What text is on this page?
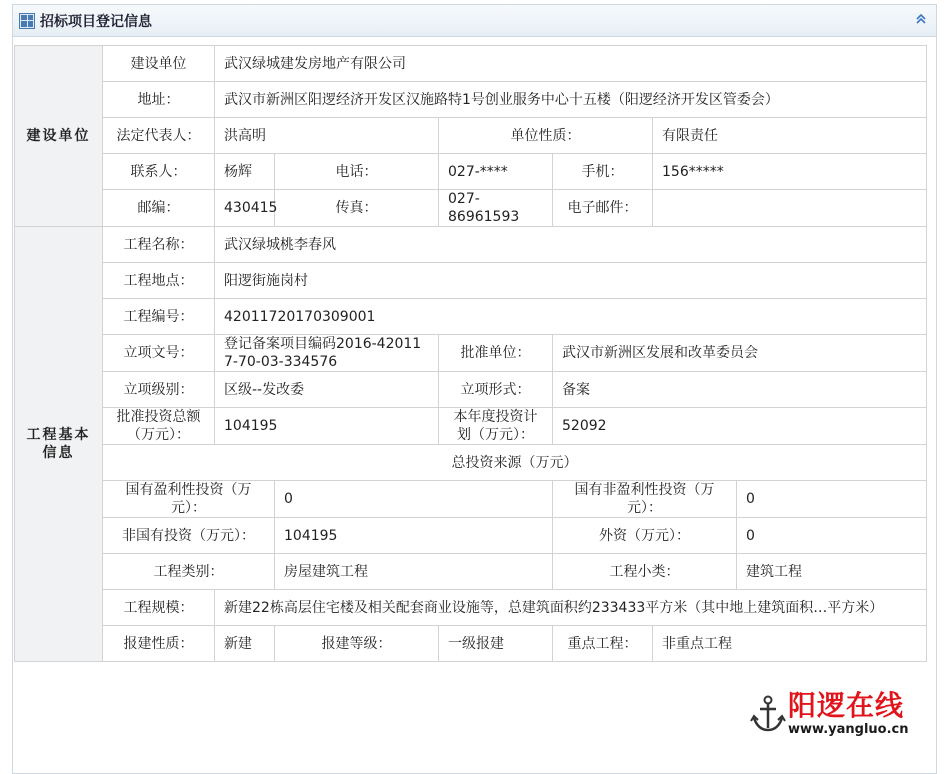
招标项目登记信息
建设单位	建设单位	武汉绿城建发房地产有限公司					
	地址：	武汉市新洲区阳逻经济开发区汉施路特1号创业服务中心十五楼（阳逻经济开发区管委会）					
	法定代表人：	洪高明		单位性质：		有限责任	
	联系人：	杨辉	电话：	027-****	手机：	156*****	
	邮编：	430415	传真：	027-86961593	电子邮件：		
工程基本信息	工程名称：	武汉绿城桃李春风					
	工程地点：	阳逻街施岗村					
	工程编号：	42011720170309001					
	立项文号：	登记备案项目编码2016-420117-70-03-334576		批准单位：	武汉市新洲区发展和改革委员会		
	立项级别：	区级--发改委		立项形式：	备案		
	批准投资总额（万元）：	104195		本年度投资计划（万元）：	52092		
	总投资来源（万元）						
	国有盈利性投资（万元）：		0		国有非盈利性投资（万元）：		0
	非国有投资（万元）：		104195		外资（万元）：		0
	工程类别：		房屋建筑工程		工程小类：		建筑工程
	工程规模：	新建22栋高层住宅楼及相关配套商业设施等，总建筑面积约233433平方米（其中地上建筑面积…平方米）					
	报建性质：	新建	报建等级：	一级报建	重点工程：	非重点工程	
阳逻在线
www.yangluo.cn
